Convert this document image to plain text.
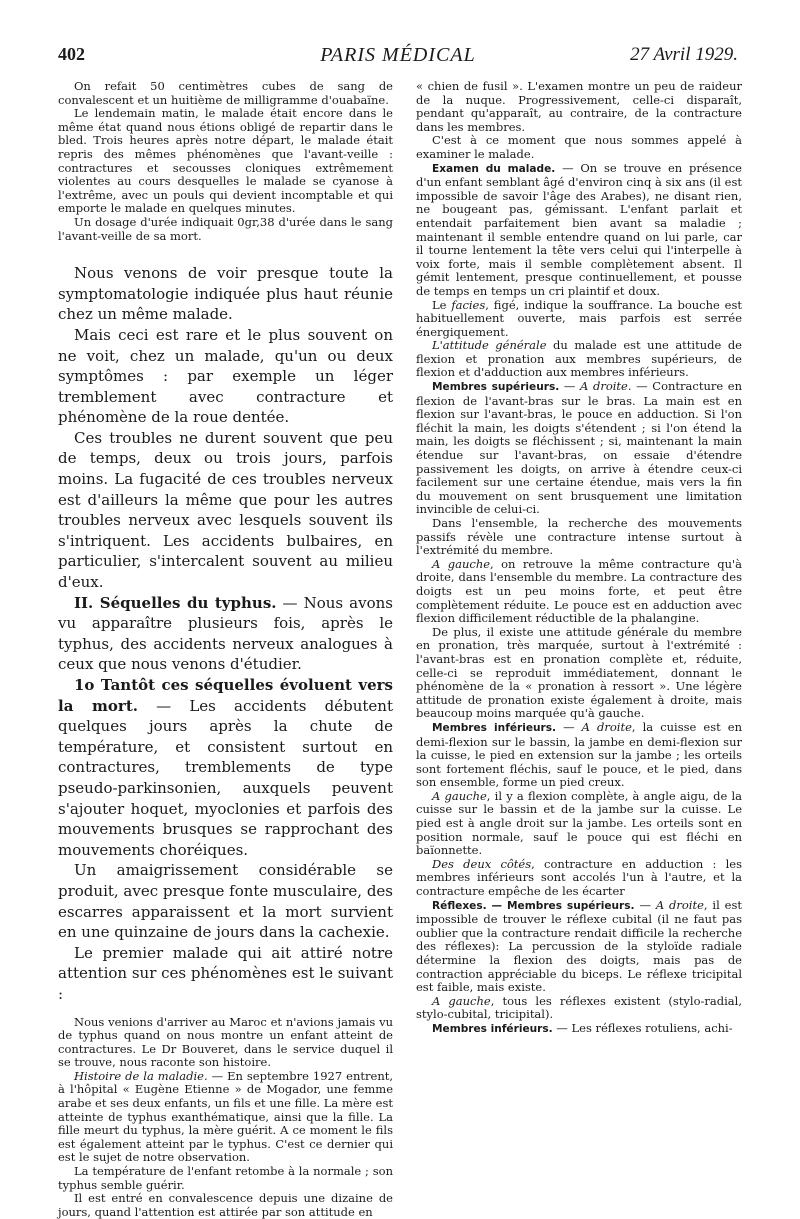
402	PARIS MÉDICAL	27 Avril 1929.

On refait 50 centimètres cubes de sang de convalescent et un huitième de milligramme d'ouabaïne.

Le lendemain matin, le malade était encore dans le même état quand nous étions obligé de repartir dans le bled. Trois heures après notre départ, le malade était repris des mêmes phénomènes que l'avant-veille : contractures et secousses cloniques extrêmement violentes au cours desquelles le malade se cyanose à l'extrême, avec un pouls qui devient incomptable et qui emporte le malade en quelques minutes.

Un dosage d'urée indiquait 0gr,38 d'urée dans le sang l'avant-veille de sa mort.

Nous venons de voir presque toute la symptomatologie indiquée plus haut réunie chez un même malade.

Mais ceci est rare et le plus souvent on ne voit, chez un malade, qu'un ou deux symptômes : par exemple un léger tremblement avec contracture et phénomène de la roue dentée.

Ces troubles ne durent souvent que peu de temps, deux ou trois jours, parfois moins. La fugacité de ces troubles nerveux est d'ailleurs la même que pour les autres troubles nerveux avec lesquels souvent ils s'intriquent. Les accidents bulbaires, en particulier, s'intercalent souvent au milieu d'eux.

II. Séquelles du typhus. — Nous avons vu apparaître plusieurs fois, après le typhus, des accidents nerveux analogues à ceux que nous venons d'étudier.

1o Tantôt ces séquelles évoluent vers la mort. — Les accidents débutent quelques jours après la chute de température, et consistent surtout en contractures, tremblements de type pseudo-parkinsonien, auxquels peuvent s'ajouter hoquet, myoclonies et parfois des mouvements brusques se rapprochant des mouvements choréiques.

Un amaigrissement considérable se produit, avec presque fonte musculaire, des escarres apparaissent et la mort survient en une quinzaine de jours dans la cachexie.

Le premier malade qui ait attiré notre attention sur ces phénomènes est le suivant :

Nous venions d'arriver au Maroc et n'avions jamais vu de typhus quand on nous montre un enfant atteint de contractures. Le Dr Bouveret, dans le service duquel il se trouve, nous raconte son histoire.

Histoire de la maladie. — En septembre 1927 entrent, à l'hôpital « Eugène Etienne » de Mogador, une femme arabe et ses deux enfants, un fils et une fille. La mère est atteinte de typhus exanthématique, ainsi que la fille. La fille meurt du typhus, la mère guérit. A ce moment le fils est également atteint par le typhus. C'est ce dernier qui est le sujet de notre observation.

La température de l'enfant retombe à la normale ; son typhus semble guérir.

Il est entré en convalescence depuis une dizaine de jours, quand l'attention est attirée par son attitude en

« chien de fusil ». L'examen montre un peu de raideur de la nuque. Progressivement, celle-ci disparaît, pendant qu'apparaît, au contraire, de la contracture dans les membres.

C'est à ce moment que nous sommes appelé à examiner le malade.

Examen du malade. — On se trouve en présence d'un enfant semblant âgé d'environ cinq à six ans (il est impossible de savoir l'âge des Arabes), ne disant rien, ne bougeant pas, gémissant. L'enfant parlait et entendait parfaitement bien avant sa maladie ; maintenant il semble entendre quand on lui parle, car il tourne lentement la tête vers celui qui l'interpelle à voix forte, mais il semble complètement absent. Il gémit lentement, presque continuellement, et pousse de temps en temps un cri plaintif et doux.

Le facies, figé, indique la souffrance. La bouche est habituellement ouverte, mais parfois est serrée énergiquement.

L'attitude générale du malade est une attitude de flexion et pronation aux membres supérieurs, de flexion et d'adduction aux membres inférieurs.

Membres supérieurs. — A droite. — Contracture en flexion de l'avant-bras sur le bras. La main est en flexion sur l'avant-bras, le pouce en adduction. Si l'on fléchit la main, les doigts s'étendent ; si l'on étend la main, les doigts se fléchissent ; si, maintenant la main étendue sur l'avant-bras, on essaie d'étendre passivement les doigts, on arrive à étendre ceux-ci facilement sur une certaine étendue, mais vers la fin du mouvement on sent brusquement une limitation invincible de celui-ci.

Dans l'ensemble, la recherche des mouvements passifs révèle une contracture intense surtout à l'extrémité du membre.

A gauche, on retrouve la même contracture qu'à droite, dans l'ensemble du membre. La contracture des doigts est un peu moins forte, et peut être complètement réduite. Le pouce est en adduction avec flexion difficilement réductible de la phalangine.

De plus, il existe une attitude générale du membre en pronation, très marquée, surtout à l'extrémité : l'avant-bras est en pronation complète et, réduite, celle-ci se reproduit immédiatement, donnant le phénomène de la « pronation à ressort ». Une légère attitude de pronation existe également à droite, mais beaucoup moins marquée qu'à gauche.

Membres inférieurs. — A droite, la cuisse est en demi-flexion sur le bassin, la jambe en demi-flexion sur la cuisse, le pied en extension sur la jambe ; les orteils sont fortement fléchis, sauf le pouce, et le pied, dans son ensemble, forme un pied creux.

A gauche, il y a flexion complète, à angle aigu, de la cuisse sur le bassin et de la jambe sur la cuisse. Le pied est à angle droit sur la jambe. Les orteils sont en position normale, sauf le pouce qui est fléchi en baïonnette.

Des deux côtés, contracture en adduction : les membres inférieurs sont accolés l'un à l'autre, et la contracture empêche de les écarter

Réflexes. — Membres supérieurs. — A droite, il est impossible de trouver le réflexe cubital (il ne faut pas oublier que la contracture rendait difficile la recherche des réflexes): La percussion de la styloïde radiale détermine la flexion des doigts, mais pas de contraction appréciable du biceps. Le réflexe tricipital est faible, mais existe.

A gauche, tous les réflexes existent (stylo-radial, stylo-cubital, tricipital).

Membres inférieurs. — Les réflexes rotuliens, achi-
